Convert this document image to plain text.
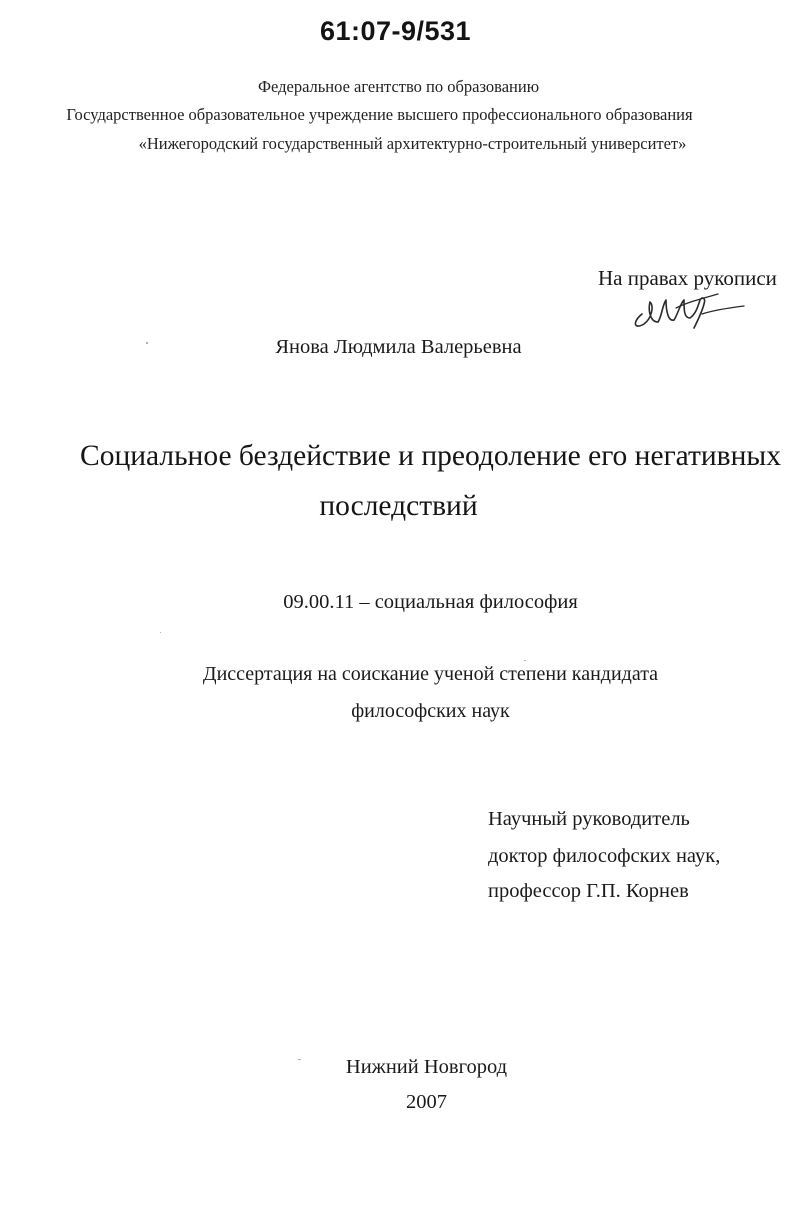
61:07-9/531
Федеральное агентство по образованию
Государственное образовательное учреждение высшего профессионального образования
«Нижегородский государственный архитектурно-строительный университет»
На правах рукописи
Янова Людмила Валерьевна
Социальное бездействие и преодоление его негативных
последствий
09.00.11 – социальная философия
Диссертация на соискание ученой степени кандидата
философских наук
Научный руководитель
доктор философских наук,
профессор Г.П. Корнев
Нижний Новгород
2007
